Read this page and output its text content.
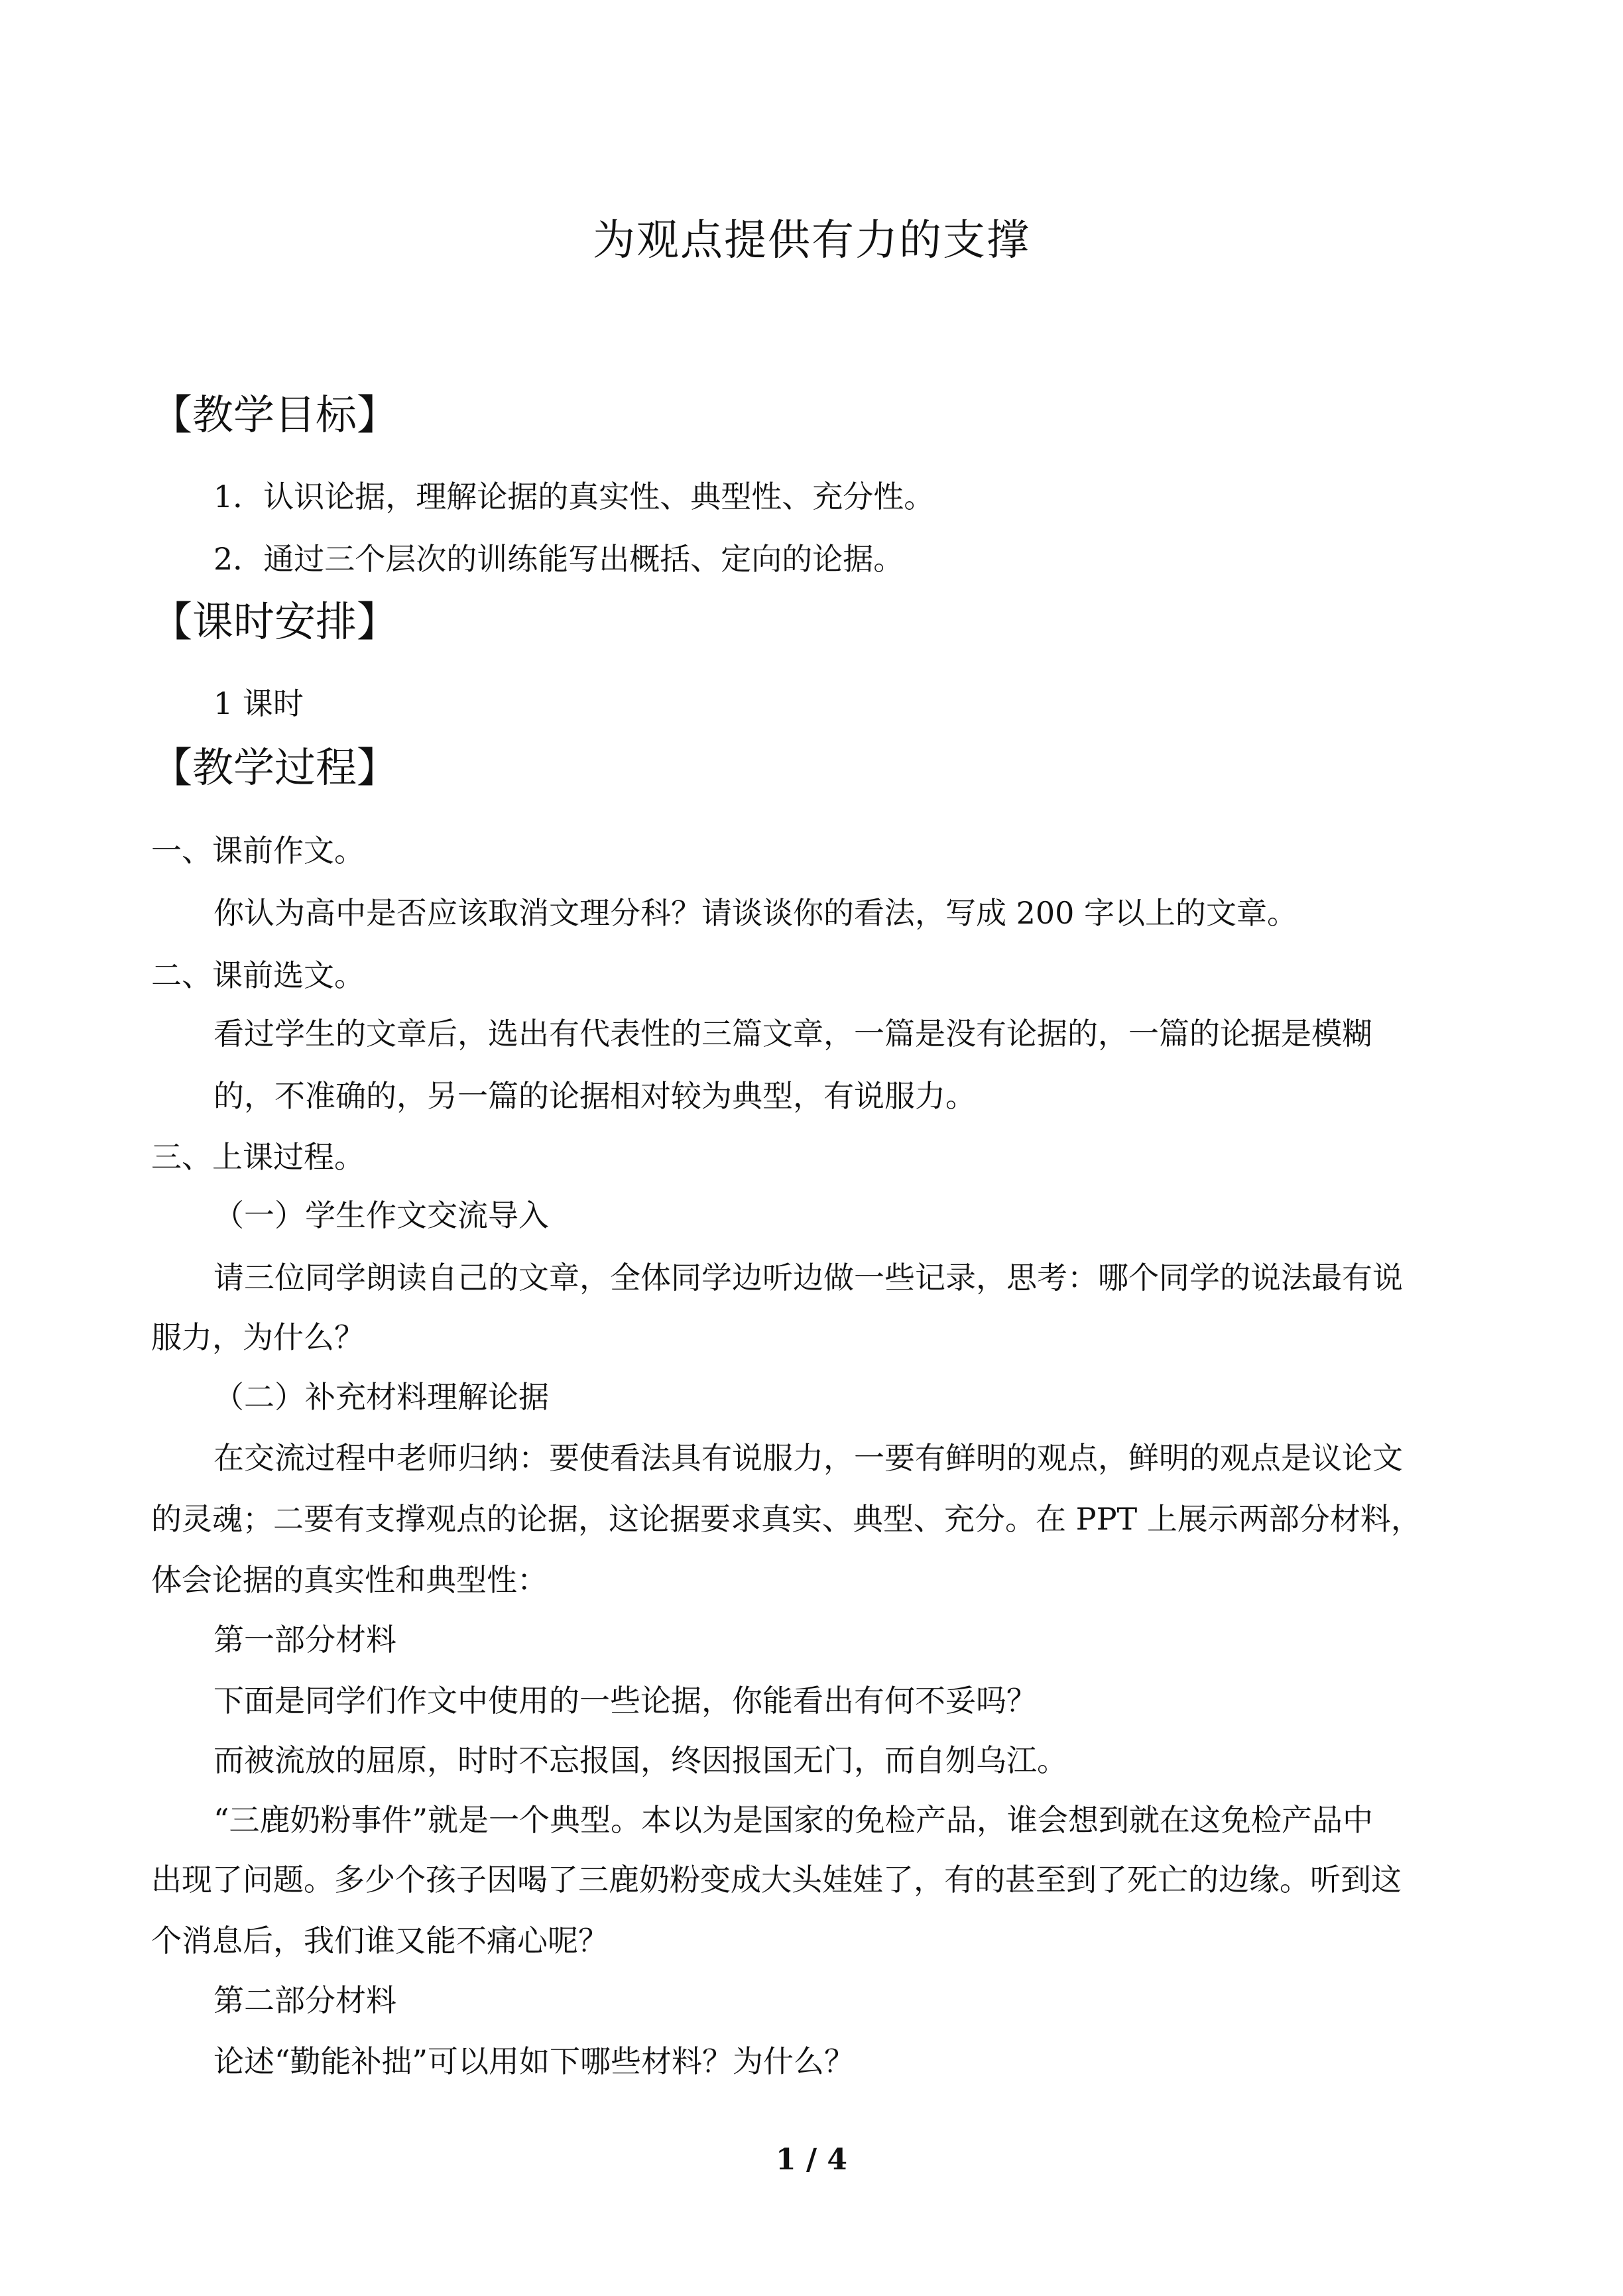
为观点提供有力的支撑
【教学目标】
1．认识论据，理解论据的真实性、典型性、充分性。
2．通过三个层次的训练能写出概括、定向的论据。
【课时安排】
1 课时
【教学过程】
一、课前作文。
你认为高中是否应该取消文理分科？请谈谈你的看法，写成 200 字以上的文章。
二、课前选文。
看过学生的文章后，选出有代表性的三篇文章，一篇是没有论据的，一篇的论据是模糊
的，不准确的，另一篇的论据相对较为典型，有说服力。
三、上课过程。
（一）学生作文交流导入
请三位同学朗读自己的文章，全体同学边听边做一些记录，思考：哪个同学的说法最有说
服力，为什么？
（二）补充材料理解论据
在交流过程中老师归纳：要使看法具有说服力，一要有鲜明的观点，鲜明的观点是议论文
的灵魂；二要有支撑观点的论据，这论据要求真实、典型、充分。在 PPT 上展示两部分材料，
体会论据的真实性和典型性：
第一部分材料
下面是同学们作文中使用的一些论据，你能看出有何不妥吗？
而被流放的屈原，时时不忘报国，终因报国无门，而自刎乌江。
“三鹿奶粉事件”就是一个典型。本以为是国家的免检产品，谁会想到就在这免检产品中
出现了问题。多少个孩子因喝了三鹿奶粉变成大头娃娃了，有的甚至到了死亡的边缘。听到这
个消息后，我们谁又能不痛心呢？
第二部分材料
论述“勤能补拙”可以用如下哪些材料？为什么？
1 / 4
